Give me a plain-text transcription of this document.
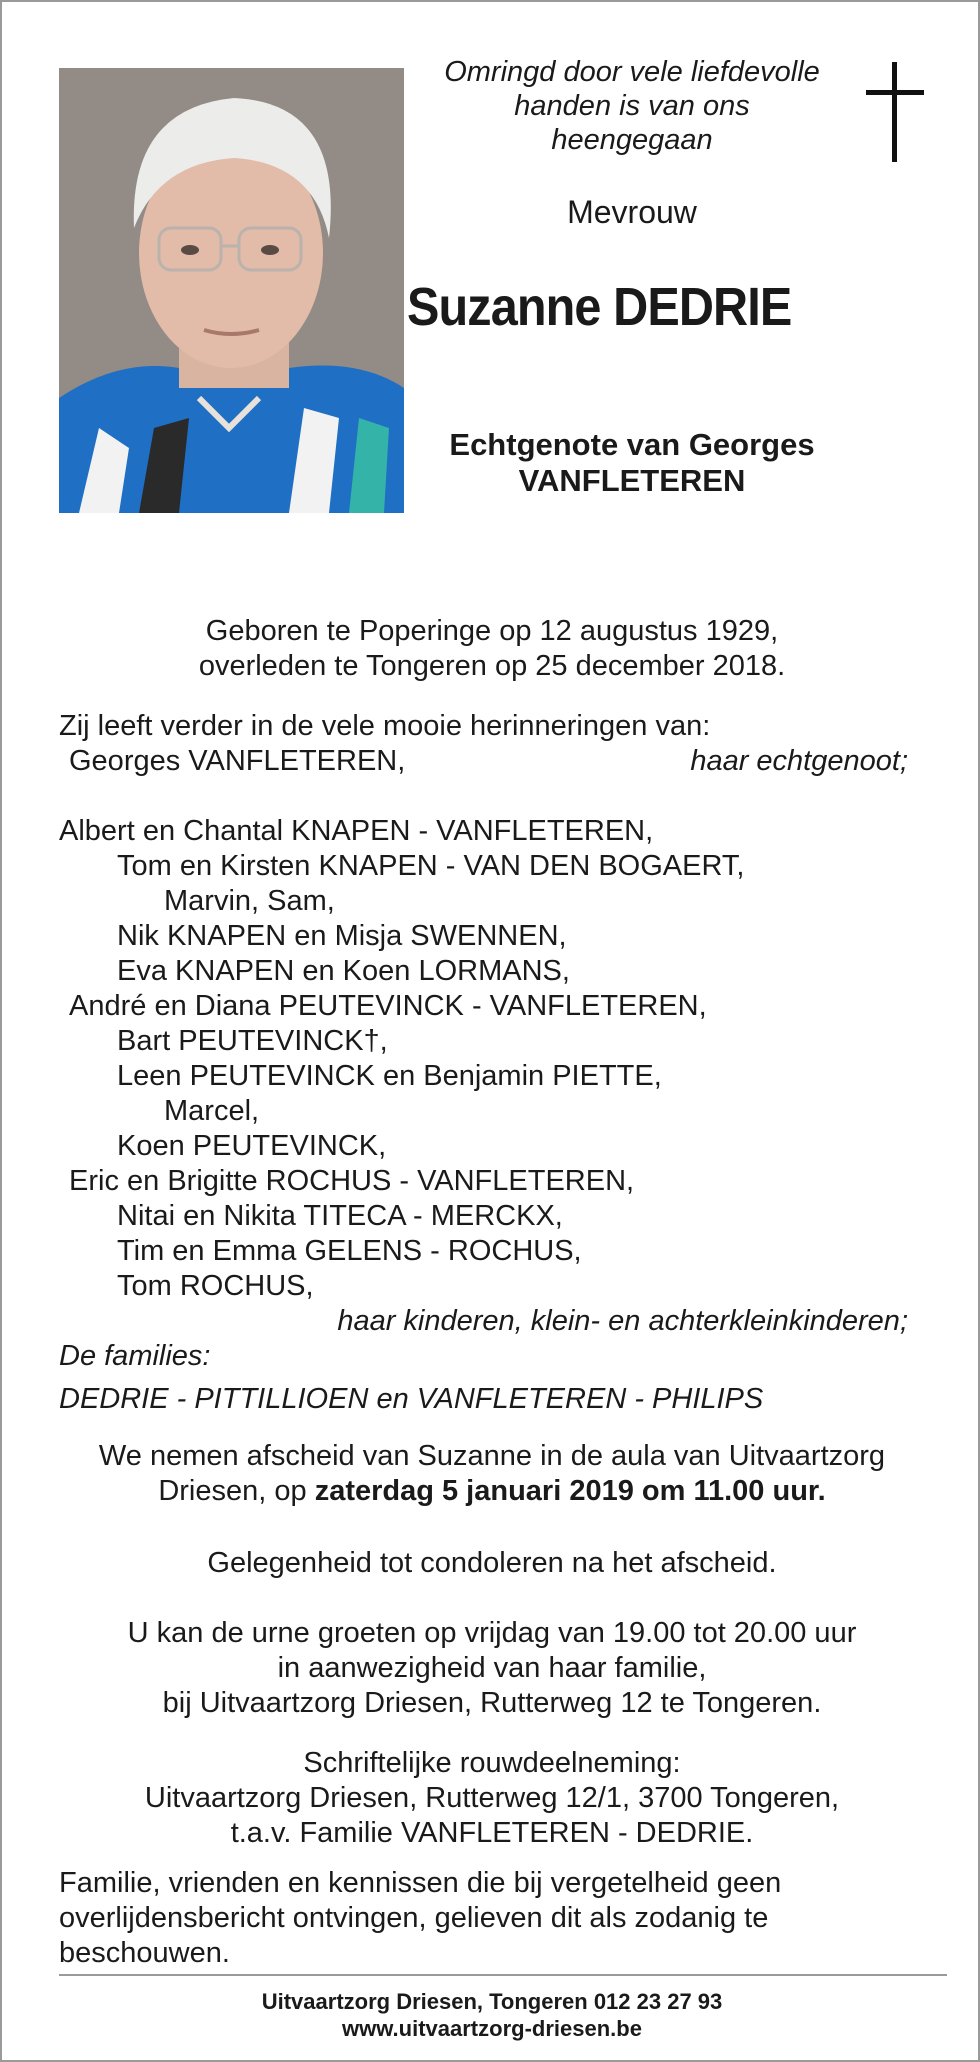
Omringd door vele liefdevolle
handen is van ons
heengegaan
Mevrouw
Suzanne DEDRIE
Echtgenote van Georges
VANFLETEREN
Geboren te Poperinge op 12 augustus 1929,
overleden te Tongeren op 25 december 2018.
Zij leeft verder in de vele mooie herinneringen van:
Georges VANFLETEREN,	haar echtgenoot;
Albert en Chantal KNAPEN - VANFLETEREN,
Tom en Kirsten KNAPEN - VAN DEN BOGAERT,
Marvin, Sam,
Nik KNAPEN en Misja SWENNEN,
Eva KNAPEN en Koen LORMANS,
André en Diana PEUTEVINCK - VANFLETEREN,
Bart PEUTEVINCK†,
Leen PEUTEVINCK en Benjamin PIETTE,
Marcel,
Koen PEUTEVINCK,
Eric en Brigitte ROCHUS - VANFLETEREN,
Nitai en Nikita TITECA - MERCKX,
Tim en Emma GELENS - ROCHUS,
Tom ROCHUS,
haar kinderen, klein- en achterkleinkinderen;
De families:
DEDRIE - PITTILLIOEN en VANFLETEREN - PHILIPS
We nemen afscheid van Suzanne in de aula van Uitvaartzorg
Driesen, op zaterdag 5 januari 2019 om 11.00 uur.
Gelegenheid tot condoleren na het afscheid.
U kan de urne groeten op vrijdag van 19.00 tot 20.00 uur
in aanwezigheid van haar familie,
bij Uitvaartzorg Driesen, Rutterweg 12 te Tongeren.
Schriftelijke rouwdeelneming:
Uitvaartzorg Driesen, Rutterweg 12/1, 3700 Tongeren,
t.a.v. Familie VANFLETEREN - DEDRIE.
Familie, vrienden en kennissen die bij vergetelheid geen
overlijdensbericht ontvingen, gelieven dit als zodanig te
beschouwen.
Uitvaartzorg Driesen, Tongeren 012 23 27 93
www.uitvaartzorg-driesen.be
